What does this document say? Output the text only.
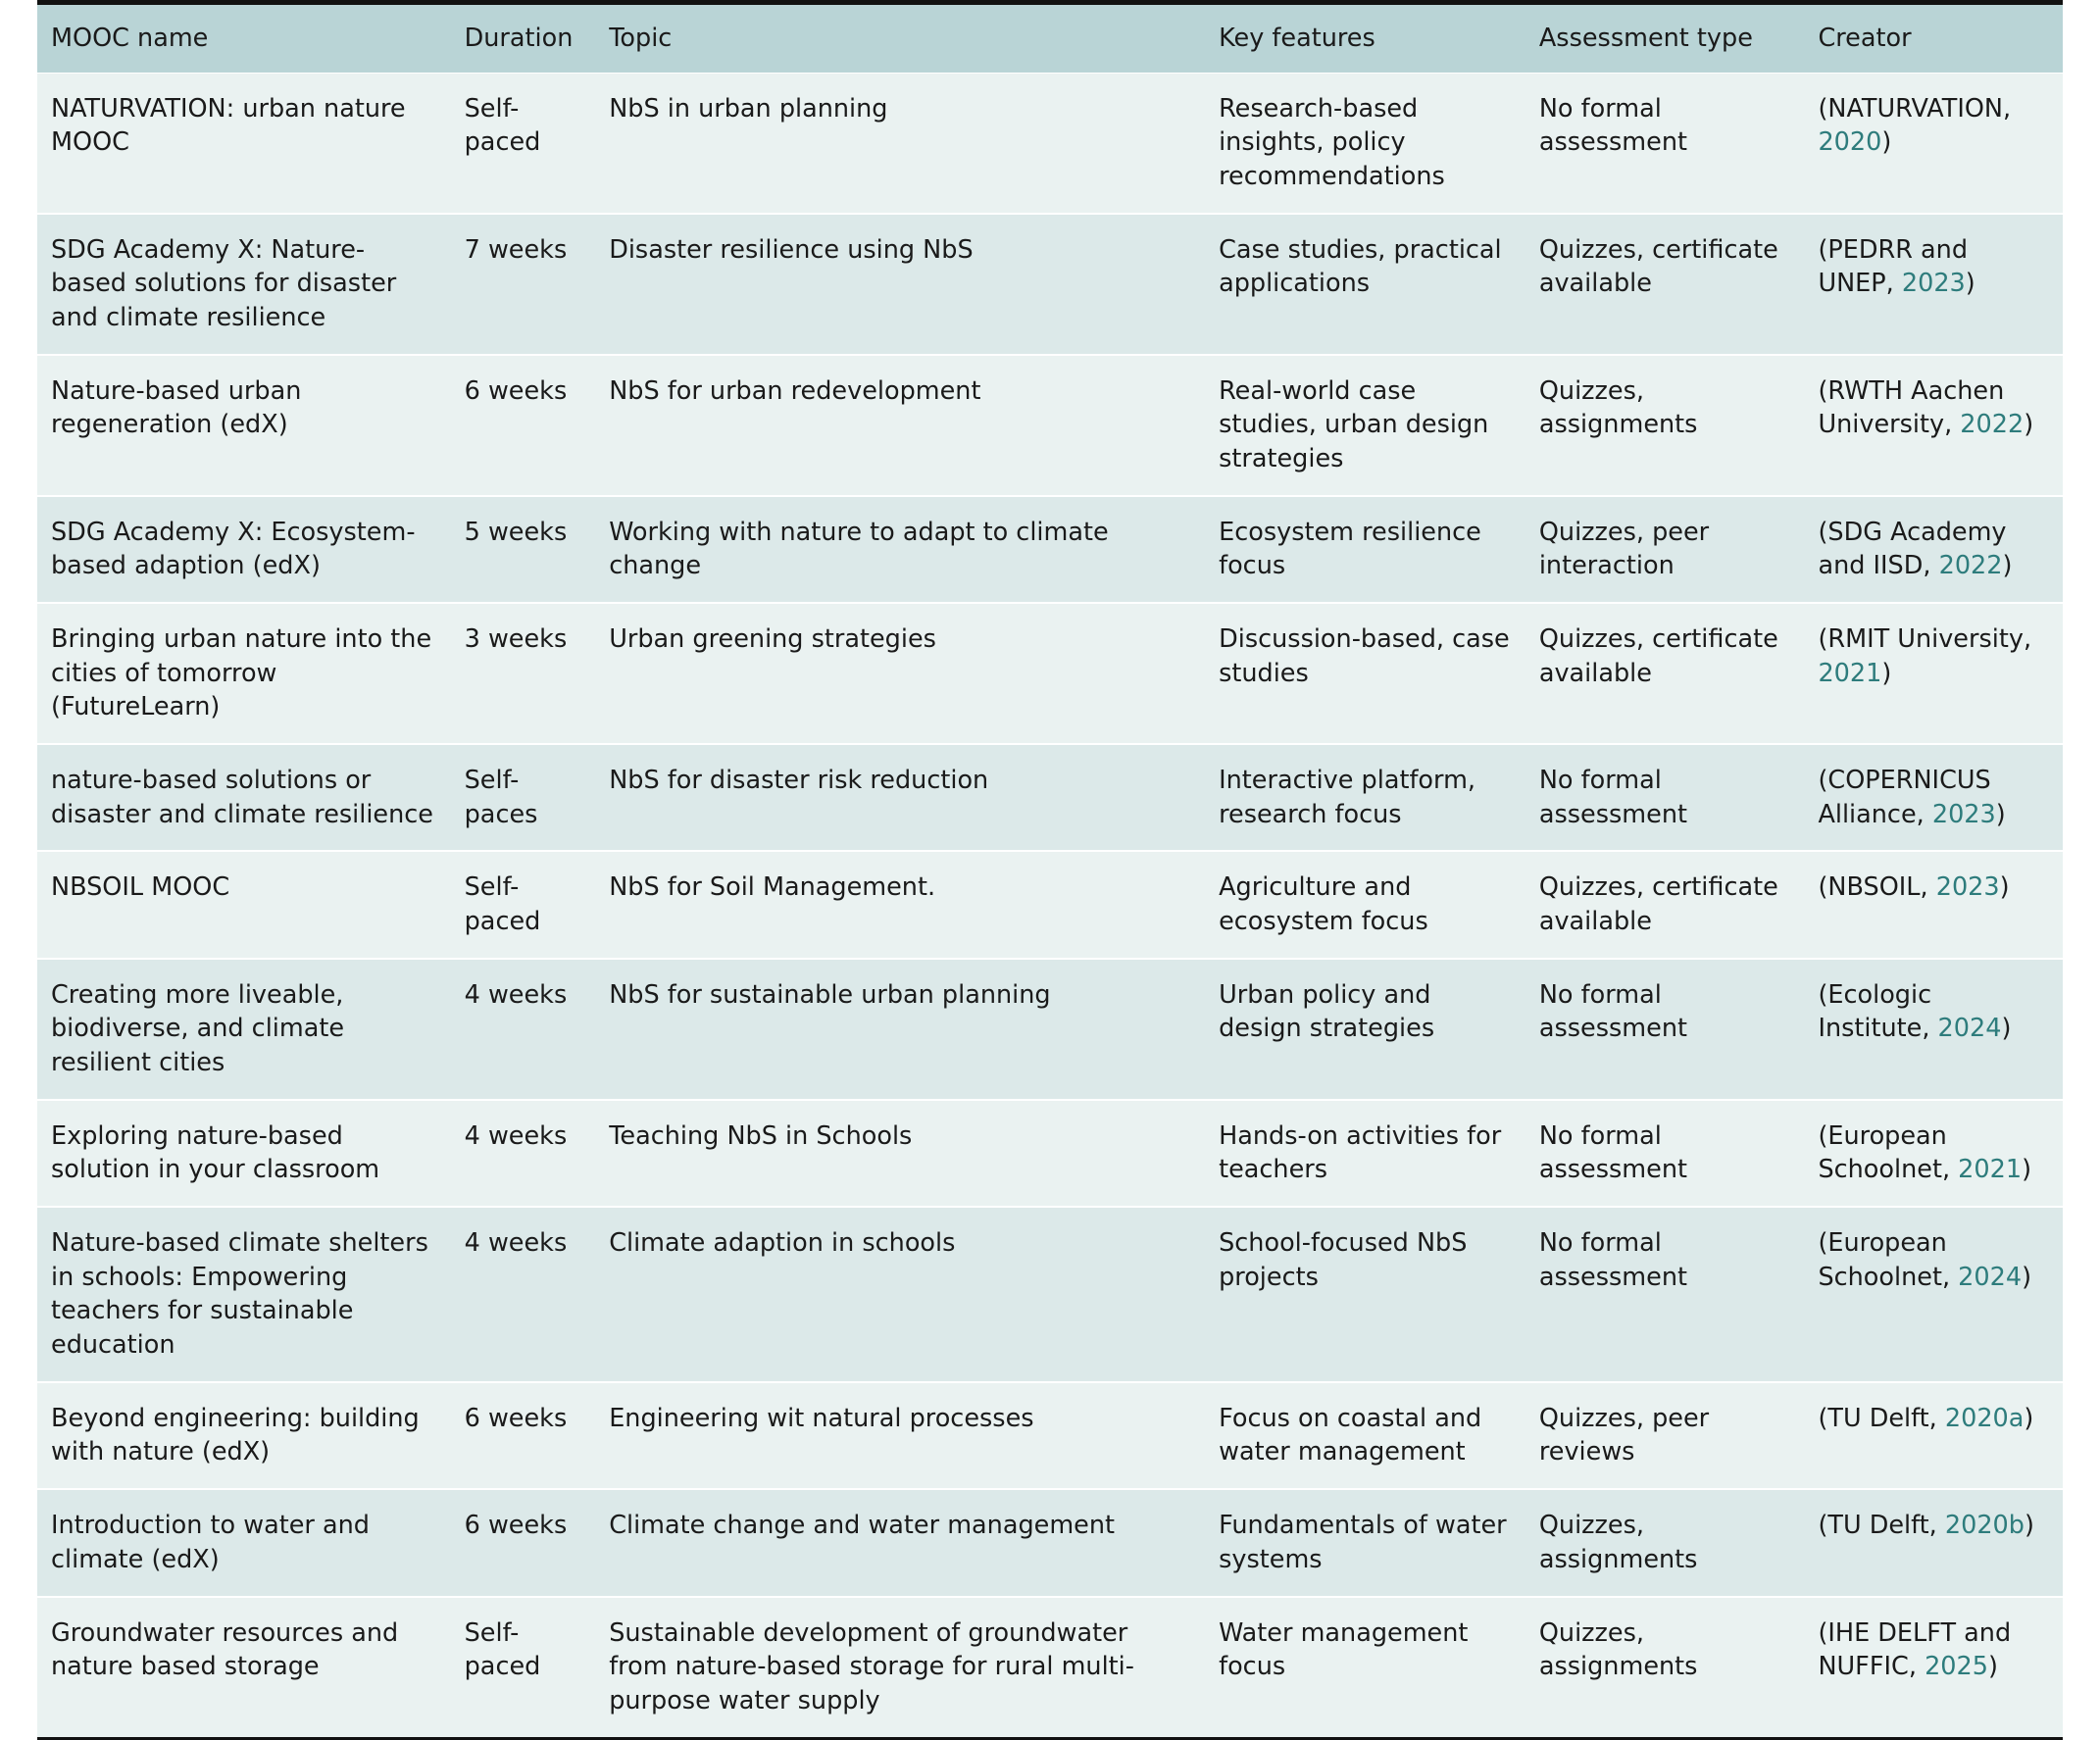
MOOC name	Duration	Topic	Key features	Assessment type	Creator
NATURVATION: urban nature MOOC	Self-paced	NbS in urban planning	Research-based insights, policy recommendations	No formal assessment	(NATURVATION, 2020)
SDG Academy X: Nature-based solutions for disaster and climate resilience	7 weeks	Disaster resilience using NbS	Case studies, practical applications	Quizzes, certificate available	(PEDRR and UNEP, 2023)
Nature-based urban regeneration (edX)	6 weeks	NbS for urban redevelopment	Real-world case studies, urban design strategies	Quizzes, assignments	(RWTH Aachen University, 2022)
SDG Academy X: Ecosystem-based adaption (edX)	5 weeks	Working with nature to adapt to climate change	Ecosystem resilience focus	Quizzes, peer interaction	(SDG Academy and IISD, 2022)
Bringing urban nature into the cities of tomorrow (FutureLearn)	3 weeks	Urban greening strategies	Discussion-based, case studies	Quizzes, certificate available	(RMIT University, 2021)
nature-based solutions or disaster and climate resilience	Self-paces	NbS for disaster risk reduction	Interactive platform, research focus	No formal assessment	(COPERNICUS Alliance, 2023)
NBSOIL MOOC	Self-paced	NbS for Soil Management.	Agriculture and ecosystem focus	Quizzes, certificate available	(NBSOIL, 2023)
Creating more liveable, biodiverse, and climate resilient cities	4 weeks	NbS for sustainable urban planning	Urban policy and design strategies	No formal assessment	(Ecologic Institute, 2024)
Exploring nature-based solution in your classroom	4 weeks	Teaching NbS in Schools	Hands-on activities for teachers	No formal assessment	(European Schoolnet, 2021)
Nature-based climate shelters in schools: Empowering teachers for sustainable education	4 weeks	Climate adaption in schools	School-focused NbS projects	No formal assessment	(European Schoolnet, 2024)
Beyond engineering: building with nature (edX)	6 weeks	Engineering wit natural processes	Focus on coastal and water management	Quizzes, peer reviews	(TU Delft, 2020a)
Introduction to water and climate (edX)	6 weeks	Climate change and water management	Fundamentals of water systems	Quizzes, assignments	(TU Delft, 2020b)
Groundwater resources and nature based storage	Self-paced	Sustainable development of groundwater from nature-based storage for rural multi-purpose water supply	Water management focus	Quizzes, assignments	(IHE DELFT and NUFFIC, 2025)
